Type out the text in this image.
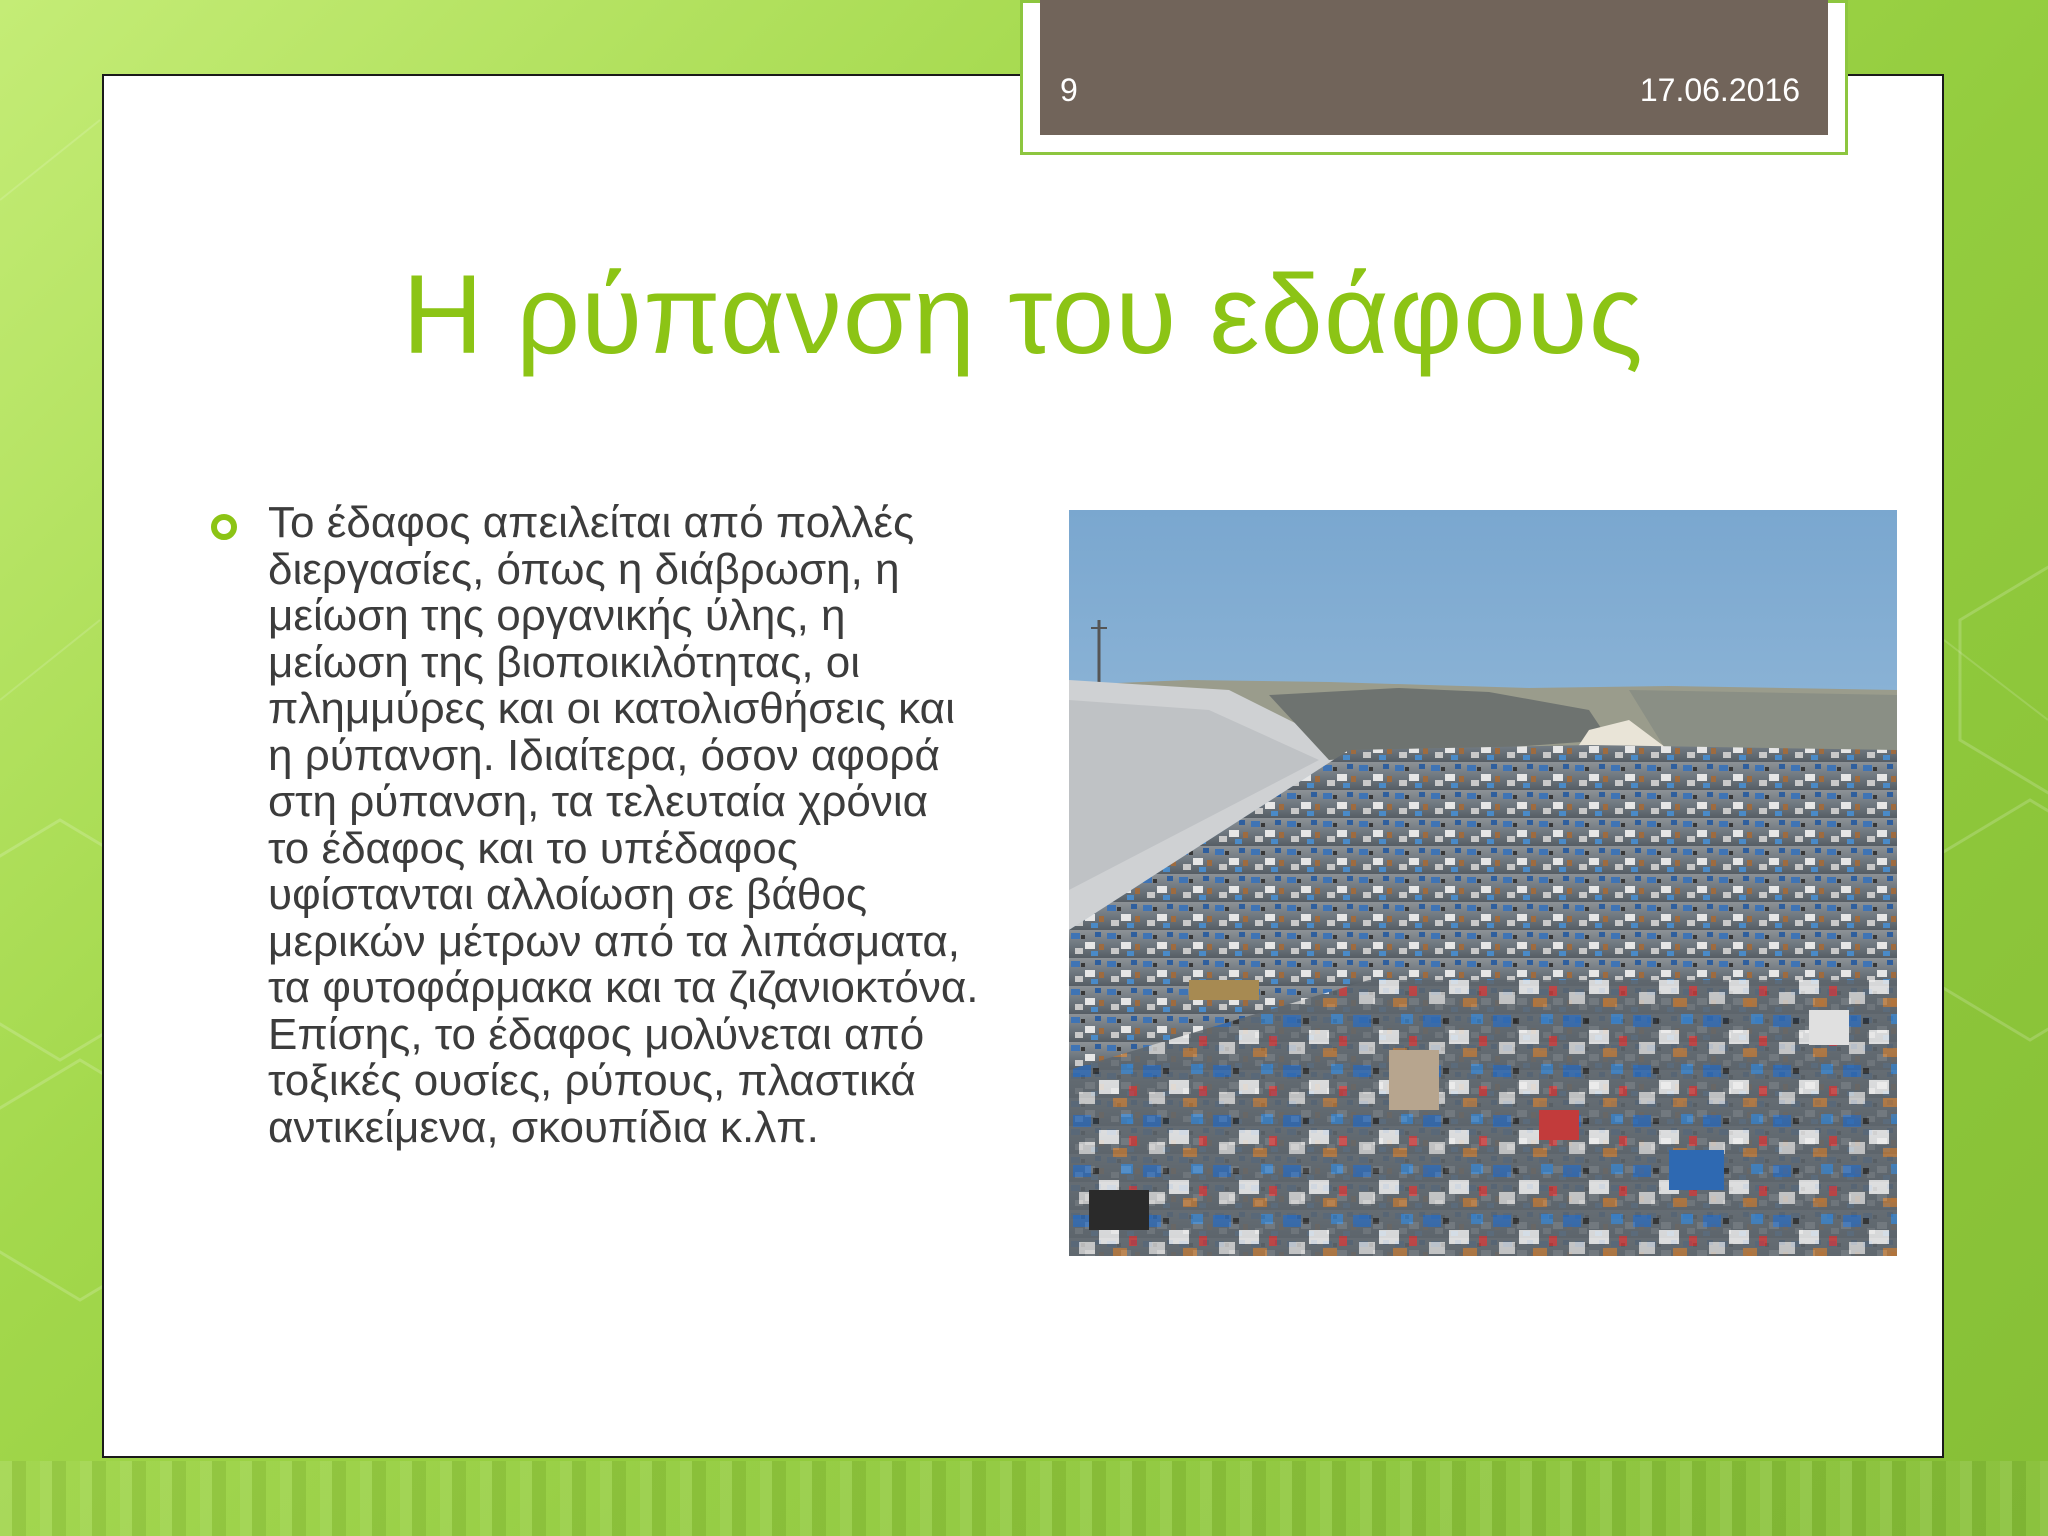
9	17.06.2016
Η ρύπανση του εδάφους
Το έδαφος απειλείται από πολλές
διεργασίες, όπως η διάβρωση, η
μείωση της οργανικής ύλης, η
μείωση της βιοποικιλότητας, οι
πλημμύρες και οι κατολισθήσεις και
η ρύπανση. Ιδιαίτερα, όσον αφορά
στη ρύπανση, τα τελευταία χρόνια
το έδαφος και το υπέδαφος
υφίστανται αλλοίωση σε βάθος
μερικών μέτρων από τα λιπάσματα,
τα φυτοφάρμακα και τα ζιζανιοκτόνα.
Επίσης, το έδαφος μολύνεται από
τοξικές ουσίες, ρύπους, πλαστικά
αντικείμενα, σκουπίδια κ.λπ.
